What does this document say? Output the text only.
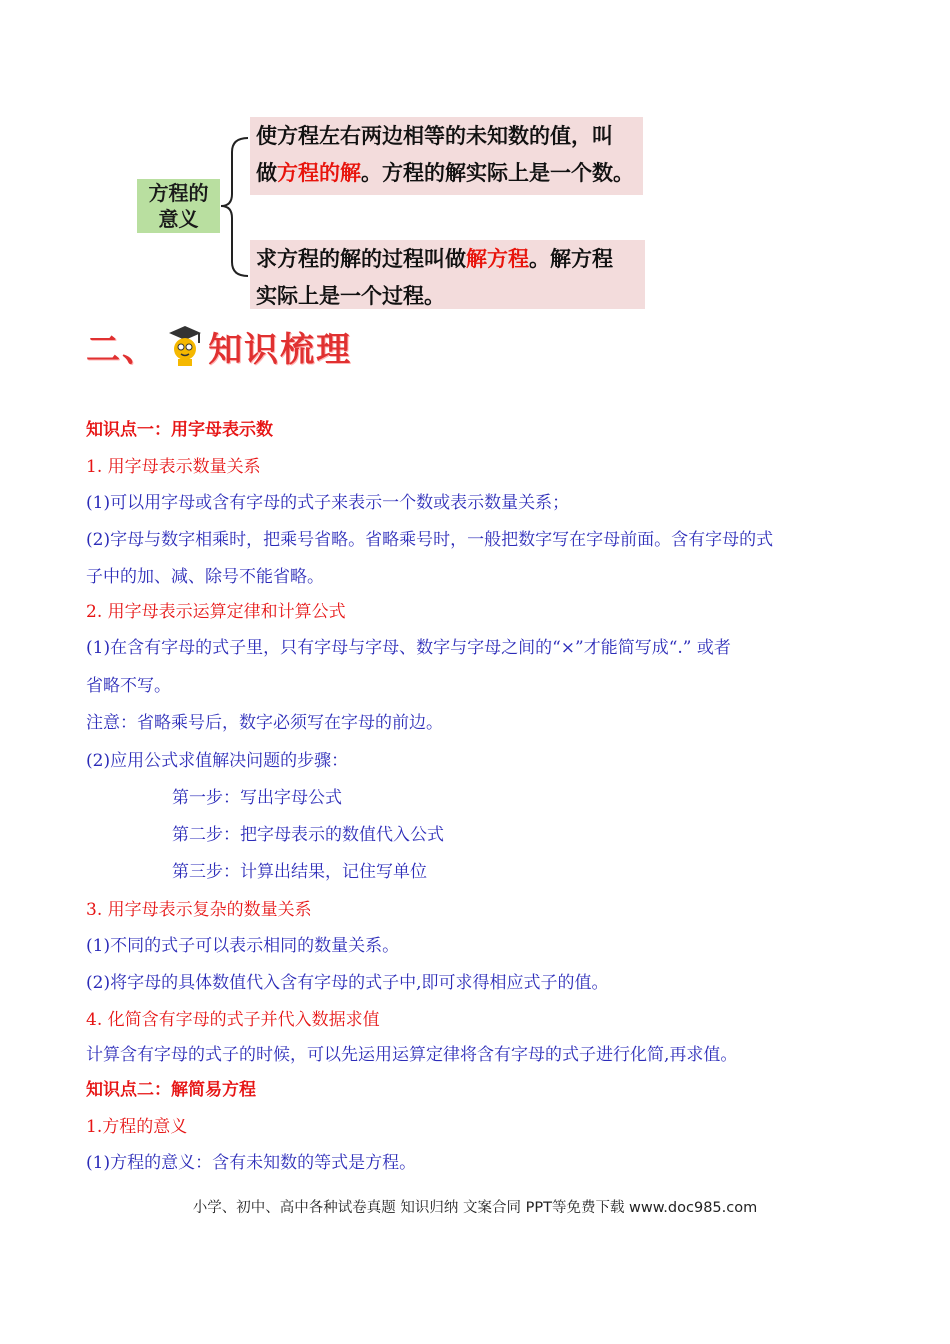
方程的
意义
使方程左右两边相等的未知数的值，叫
做方程的解。方程的解实际上是一个数。
求方程的解的过程叫做解方程。解方程
实际上是一个过程。
二、 知识梳理
知识点一：用字母表示数
1. 用字母表示数量关系
(1)可以用字母或含有字母的式子来表示一个数或表示数量关系；
(2)字母与数字相乘时，把乘号省略。省略乘号时，一般把数字写在字母前面。含有字母的式
子中的加、减、除号不能省略。
2. 用字母表示运算定律和计算公式
(1)在含有字母的式子里，只有字母与字母、数字与字母之间的“×”才能简写成“.” 或者
省略不写。
注意：省略乘号后，数字必须写在字母的前边。
(2)应用公式求值解决问题的步骤：
第一步：写出字母公式
第二步：把字母表示的数值代入公式
第三步：计算出结果，记住写单位
3. 用字母表示复杂的数量关系
(1)不同的式子可以表示相同的数量关系。
(2)将字母的具体数值代入含有字母的式子中,即可求得相应式子的值。
4. 化简含有字母的式子并代入数据求值
计算含有字母的式子的时候，可以先运用运算定律将含有字母的式子进行化简,再求值。
知识点二：解简易方程
1.方程的意义
(1)方程的意义：含有未知数的等式是方程。
小学、初中、高中各种试卷真题 知识归纳 文案合同 PPT等免费下载 www.doc985.com
